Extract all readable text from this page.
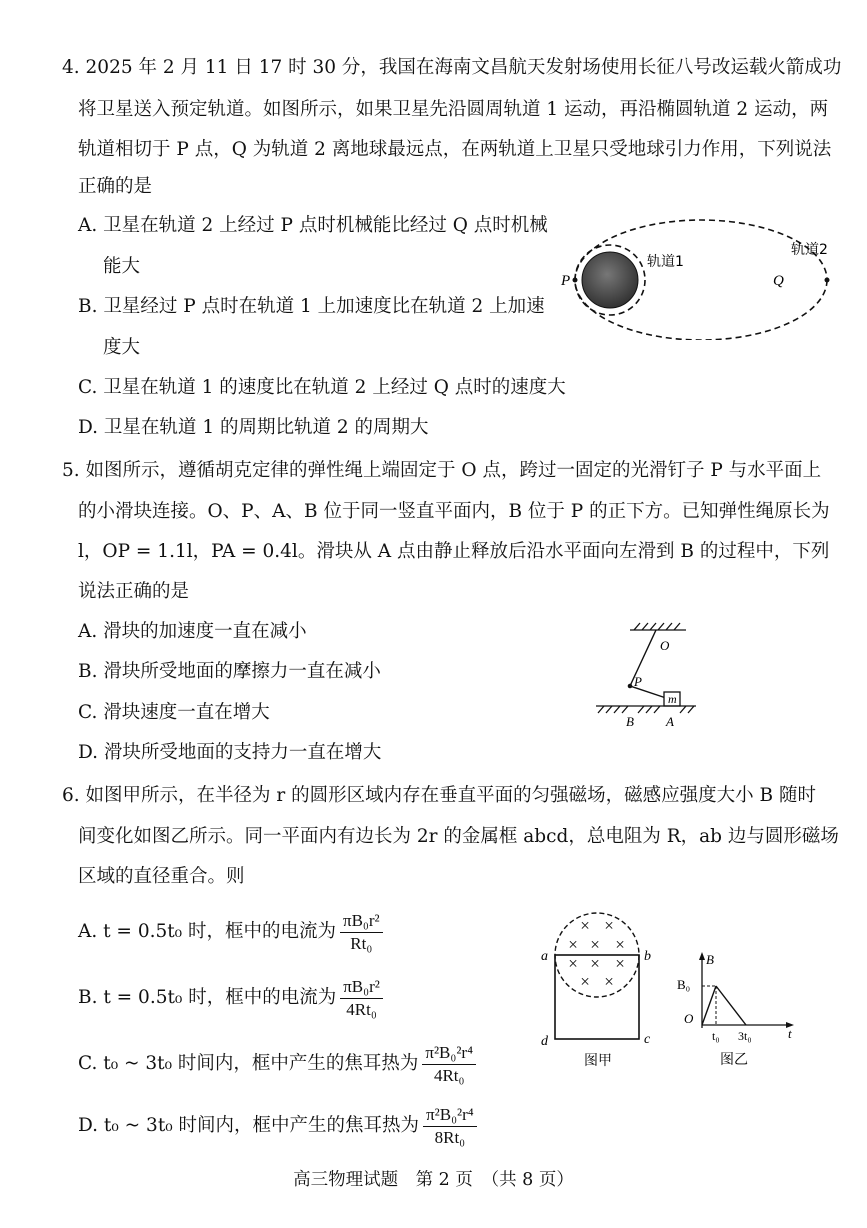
4. 2025 年 2 月 11 日 17 时 30 分，我国在海南文昌航天发射场使用长征八号改运载火箭成功
将卫星送入预定轨道。如图所示，如果卫星先沿圆周轨道 1 运动，再沿椭圆轨道 2 运动，两
轨道相切于 P 点，Q 为轨道 2 离地球最远点，在两轨道上卫星只受地球引力作用，下列说法
正确的是
A. 卫星在轨道 2 上经过 P 点时机械能比经过 Q 点时机械
能大
B. 卫星经过 P 点时在轨道 1 上加速度比在轨道 2 上加速
度大
C. 卫星在轨道 1 的速度比在轨道 2 上经过 Q 点时的速度大
D. 卫星在轨道 1 的周期比轨道 2 的周期大
P	Q
轨道1
轨道2
5. 如图所示，遵循胡克定律的弹性绳上端固定于 O 点，跨过一固定的光滑钉子 P 与水平面上
的小滑块连接。O、P、A、B 位于同一竖直平面内，B 位于 P 的正下方。已知弹性绳原长为
l，OP = 1.1l，PA = 0.4l。滑块从 A 点由静止释放后沿水平面向左滑到 B 的过程中，下列
说法正确的是
A. 滑块的加速度一直在减小
B. 滑块所受地面的摩擦力一直在减小
C. 滑块速度一直在增大
D. 滑块所受地面的支持力一直在增大
O
P
m
B A
6. 如图甲所示，在半径为 r 的圆形区域内存在垂直平面的匀强磁场，磁感应强度大小 B 随时
间变化如图乙所示。同一平面内有边长为 2r 的金属框 abcd，总电阻为 R，ab 边与圆形磁场
区域的直径重合。则
A. t = 0.5t₀ 时，框中的电流为 $\frac{\text{πB₀r²}}{\text{Rt₀}}$
B. t = 0.5t₀ 时，框中的电流为 $\frac{\text{πB₀r²}}{\text{4Rt₀}}$
C. t₀ ~ 3t₀ 时间内，框中产生的焦耳热为 $\frac{\text{π²B₀²r⁴}}{\text{4Rt₀}}$
D. t₀ ~ 3t₀ 时间内，框中产生的焦耳热为 $\frac{\text{π²B₀²r⁴}}{\text{8Rt₀}}$
× ×
× × ×
× × ×
× ×
a	b
d	c
图甲
B
B₀
O
t₀ 3t₀	t
图乙
高三物理试题　第 2 页　（共 8 页）
